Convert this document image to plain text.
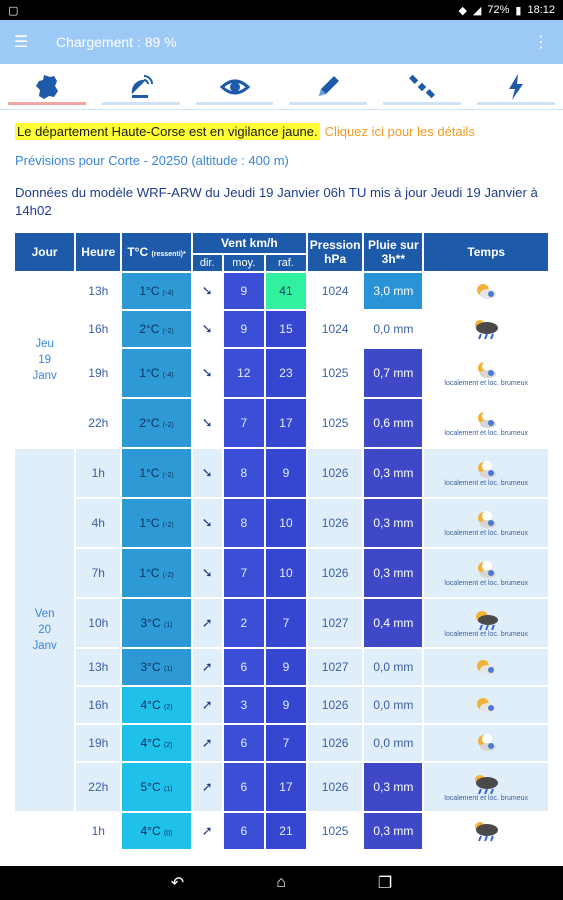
▢	◆ ◢ 72% ▮ 18:12
☰	Chargement : 89 %	⋮
Le département Haute-Corse est en vigilance jaune. Cliquez ici pour les détails
Prévisions pour Corte - 20250 (altitude : 400 m)
Données du modèle WRF-ARW du Jeudi 19 Janvier 06h TU mis à jour Jeudi 19 Janvier à 14h02
Jour	Heure	T°C (ressenti)*	Vent km/h			Pression hPa	Pluie sur 3h**	Temps
			dir.	moy.	raf.			
Jeu
19
Janv	13h	1°C (-4)	➘	9	41	1024	3,0 mm	

	16h	2°C (-2)	➘	9	15	1024	0,0 mm	

	19h	1°C (-4)	➘	12	23	1025	0,7 mm	localement et loc. brumeux
	22h	2°C (-2)	➘	7	17	1025	0,6 mm	localement et loc. brumeux
Ven
20
Janv	1h	1°C (-2)	➘	8	9	1026	0,3 mm	localement et loc. brumeux
	4h	1°C (-2)	➘	8	10	1026	0,3 mm	localement et loc. brumeux
	7h	1°C (-2)	➘	7	10	1026	0,3 mm	localement et loc. brumeux
	10h	3°C (1)	➚	2	7	1027	0,4 mm	localement et loc. brumeux
	13h	3°C (1)	➚	6	9	1027	0,0 mm	

	16h	4°C (2)	➚	3	9	1026	0,0 mm	

	19h	4°C (2)	➚	6	7	1026	0,0 mm	

	22h	5°C (1)	➚	6	17	1026	0,3 mm	localement et loc. brumeux
	1h	4°C (0)	➚	6	21	1025	0,3 mm	
↶	⌂	❐
